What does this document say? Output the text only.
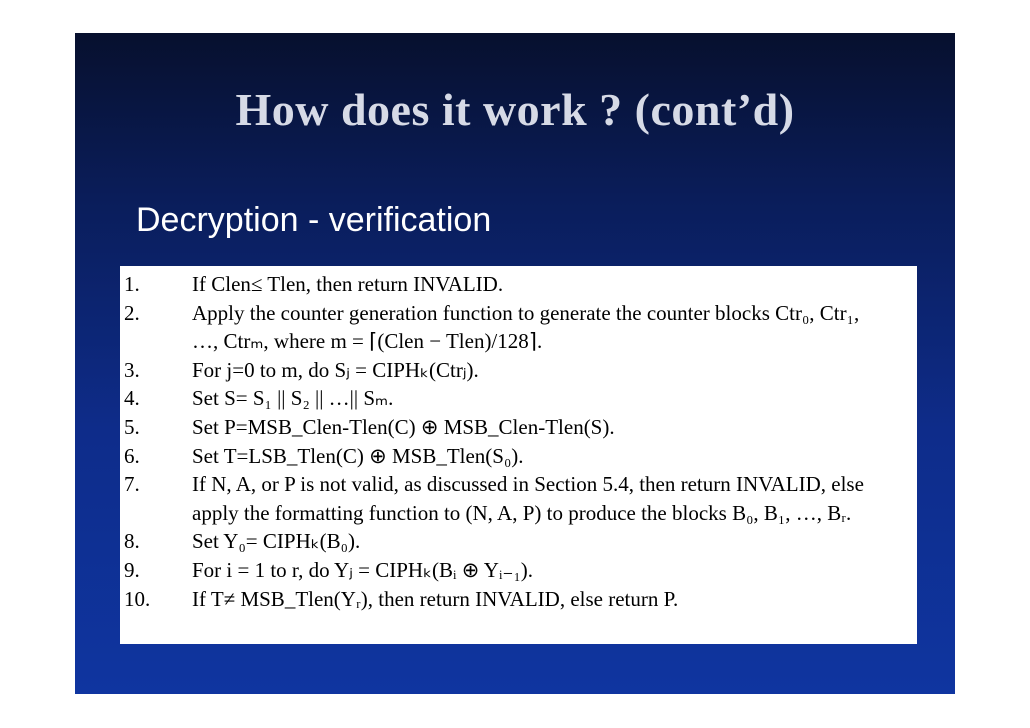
How does it work ? (cont’d)
Decryption - verification
1. If Clen≤ Tlen, then return INVALID.
2. Apply the counter generation function to generate the counter blocks Ctr₀, Ctr₁,
…, Ctrₘ, where m = ⌈(Clen − Tlen)/128⌉.
3. For j=0 to m, do Sⱼ = CIPHₖ(Ctrⱼ).
4. Set S= S₁ || S₂ || …|| Sₘ.
5. Set P=MSB_Clen-Tlen(C) ⊕ MSB_Clen-Tlen(S).
6. Set T=LSB_Tlen(C) ⊕ MSB_Tlen(S₀).
7. If N, A, or P is not valid, as discussed in Section 5.4, then return INVALID, else
apply the formatting function to (N, A, P) to produce the blocks B₀, B₁, …, Bᵣ.
8. Set Y₀= CIPHₖ(B₀).
9. For i = 1 to r, do Yⱼ = CIPHₖ(Bᵢ ⊕ Yᵢ₋₁).
10. If T≠ MSB_Tlen(Yᵣ), then return INVALID, else return P.
